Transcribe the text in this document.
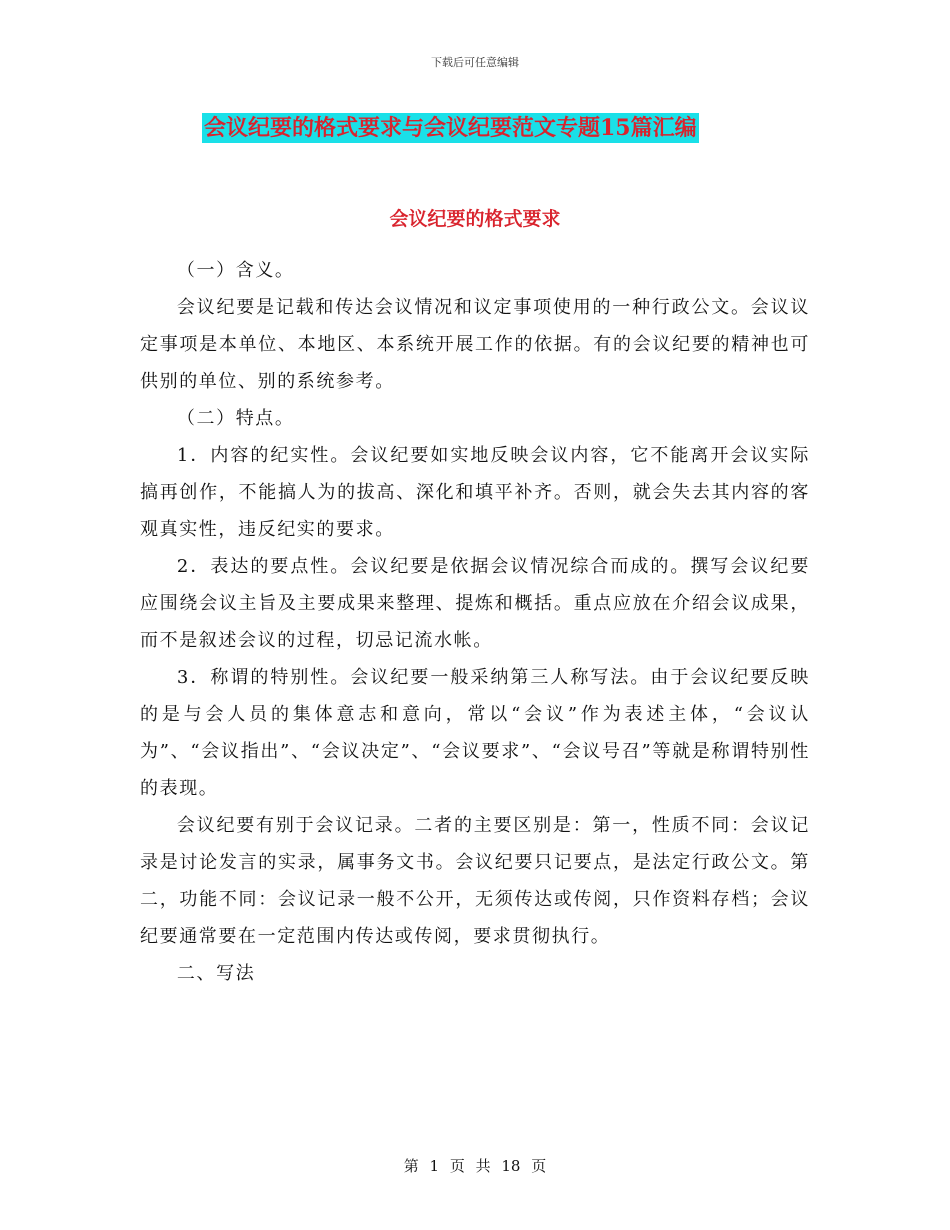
下载后可任意编辑
会议纪要的格式要求与会议纪要范文专题15篇汇编
会议纪要的格式要求

（一）含义。

会议纪要是记载和传达会议情况和议定事项使用的一种行政公文。会议议定事项是本单位、本地区、本系统开展工作的依据。有的会议纪要的精神也可供别的单位、别的系统参考。

（二）特点。

1．内容的纪实性。会议纪要如实地反映会议内容，它不能离开会议实际搞再创作，不能搞人为的拔高、深化和填平补齐。否则，就会失去其内容的客观真实性，违反纪实的要求。

2．表达的要点性。会议纪要是依据会议情况综合而成的。撰写会议纪要应围绕会议主旨及主要成果来整理、提炼和概括。重点应放在介绍会议成果，而不是叙述会议的过程，切忌记流水帐。

3．称谓的特别性。会议纪要一般采纳第三人称写法。由于会议纪要反映的是与会人员的集体意志和意向，常以“会议”作为表述主体，“会议认为”、“会议指出”、“会议决定”、“会议要求”、“会议号召”等就是称谓特别性的表现。

会议纪要有别于会议记录。二者的主要区别是：第一，性质不同：会议记录是讨论发言的实录，属事务文书。会议纪要只记要点，是法定行政公文。第二，功能不同：会议记录一般不公开，无须传达或传阅，只作资料存档；会议纪要通常要在一定范围内传达或传阅，要求贯彻执行。

二、写法

第 1 页 共 18 页
